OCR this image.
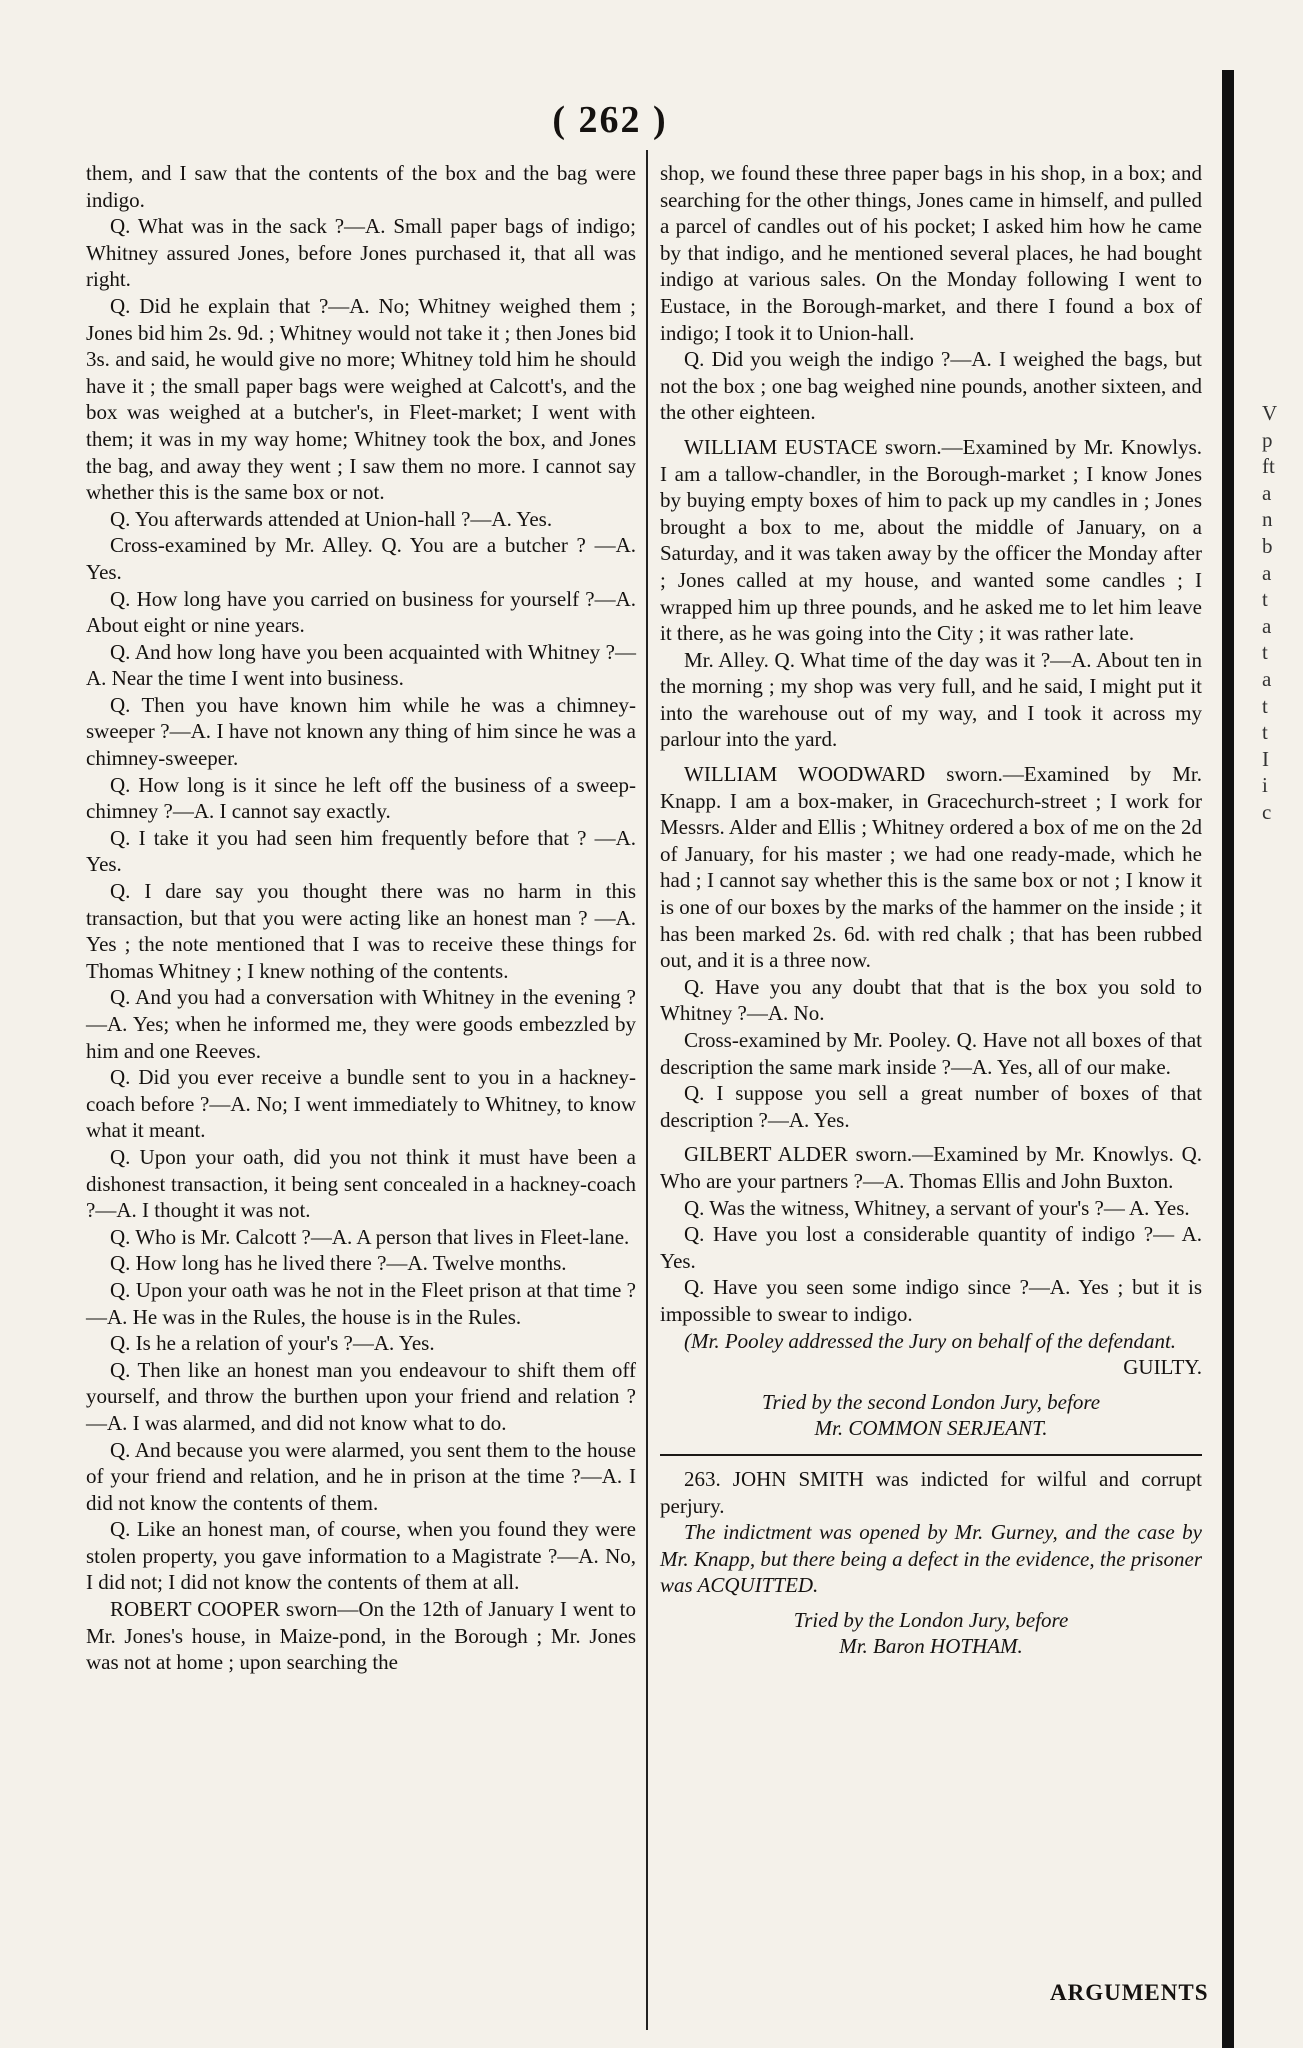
( 262 )

them, and I saw that the contents of the box and the bag were indigo.

Q. What was in the sack ?—A. Small paper bags of indigo; Whitney assured Jones, before Jones purchased it, that all was right.

Q. Did he explain that ?—A. No; Whitney weighed them ; Jones bid him 2s. 9d. ; Whitney would not take it ; then Jones bid 3s. and said, he would give no more; Whitney told him he should have it ; the small paper bags were weighed at Calcott's, and the box was weighed at a butcher's, in Fleet-market; I went with them; it was in my way home; Whitney took the box, and Jones the bag, and away they went ; I saw them no more. I cannot say whether this is the same box or not.

Q. You afterwards attended at Union-hall ?—A. Yes.

Cross-examined by Mr. Alley. Q. You are a butcher ? —A. Yes.

Q. How long have you carried on business for yourself ?—A. About eight or nine years.

Q. And how long have you been acquainted with Whitney ?—A. Near the time I went into business.

Q. Then you have known him while he was a chimney-sweeper ?—A. I have not known any thing of him since he was a chimney-sweeper.

Q. How long is it since he left off the business of a sweep-chimney ?—A. I cannot say exactly.

Q. I take it you had seen him frequently before that ? —A. Yes.

Q. I dare say you thought there was no harm in this transaction, but that you were acting like an honest man ? —A. Yes ; the note mentioned that I was to receive these things for Thomas Whitney ; I knew nothing of the contents.

Q. And you had a conversation with Whitney in the evening ?—A. Yes; when he informed me, they were goods embezzled by him and one Reeves.

Q. Did you ever receive a bundle sent to you in a hackney-coach before ?—A. No; I went immediately to Whitney, to know what it meant.

Q. Upon your oath, did you not think it must have been a dishonest transaction, it being sent concealed in a hackney-coach ?—A. I thought it was not.

Q. Who is Mr. Calcott ?—A. A person that lives in Fleet-lane.

Q. How long has he lived there ?—A. Twelve months.

Q. Upon your oath was he not in the Fleet prison at that time ?—A. He was in the Rules, the house is in the Rules.

Q. Is he a relation of your's ?—A. Yes.

Q. Then like an honest man you endeavour to shift them off yourself, and throw the burthen upon your friend and relation ?—A. I was alarmed, and did not know what to do.

Q. And because you were alarmed, you sent them to the house of your friend and relation, and he in prison at the time ?—A. I did not know the contents of them.

Q. Like an honest man, of course, when you found they were stolen property, you gave information to a Magistrate ?—A. No, I did not; I did not know the contents of them at all.

ROBERT COOPER sworn—On the 12th of January I went to Mr. Jones's house, in Maize-pond, in the Borough ; Mr. Jones was not at home ; upon searching the

shop, we found these three paper bags in his shop, in a box; and searching for the other things, Jones came in himself, and pulled a parcel of candles out of his pocket; I asked him how he came by that indigo, and he mentioned several places, he had bought indigo at various sales. On the Monday following I went to Eustace, in the Borough-market, and there I found a box of indigo; I took it to Union-hall.

Q. Did you weigh the indigo ?—A. I weighed the bags, but not the box ; one bag weighed nine pounds, another sixteen, and the other eighteen.

WILLIAM EUSTACE sworn.—Examined by Mr. Knowlys. I am a tallow-chandler, in the Borough-market ; I know Jones by buying empty boxes of him to pack up my candles in ; Jones brought a box to me, about the middle of January, on a Saturday, and it was taken away by the officer the Monday after ; Jones called at my house, and wanted some candles ; I wrapped him up three pounds, and he asked me to let him leave it there, as he was going into the City ; it was rather late.

Mr. Alley. Q. What time of the day was it ?—A. About ten in the morning ; my shop was very full, and he said, I might put it into the warehouse out of my way, and I took it across my parlour into the yard.

WILLIAM WOODWARD sworn.—Examined by Mr. Knapp. I am a box-maker, in Gracechurch-street ; I work for Messrs. Alder and Ellis ; Whitney ordered a box of me on the 2d of January, for his master ; we had one ready-made, which he had ; I cannot say whether this is the same box or not ; I know it is one of our boxes by the marks of the hammer on the inside ; it has been marked 2s. 6d. with red chalk ; that has been rubbed out, and it is a three now.

Q. Have you any doubt that that is the box you sold to Whitney ?—A. No.

Cross-examined by Mr. Pooley. Q. Have not all boxes of that description the same mark inside ?—A. Yes, all of our make.

Q. I suppose you sell a great number of boxes of that description ?—A. Yes.

GILBERT ALDER sworn.—Examined by Mr. Knowlys. Q. Who are your partners ?—A. Thomas Ellis and John Buxton.

Q. Was the witness, Whitney, a servant of your's ?— A. Yes.

Q. Have you lost a considerable quantity of indigo ?— A. Yes.

Q. Have you seen some indigo since ?—A. Yes ; but it is impossible to swear to indigo.

(Mr. Pooley addressed the Jury on behalf of the defendant.

GUILTY.

Tried by the second London Jury, before

Mr. COMMON SERJEANT.

263. JOHN SMITH was indicted for wilful and corrupt perjury.

The indictment was opened by Mr. Gurney, and the case by Mr. Knapp, but there being a defect in the evidence, the prisoner was ACQUITTED.

Tried by the London Jury, before

Mr. Baron HOTHAM.

V
p
ft
a
n
b
a
t
a
t
a
t
t
I
i
c
ARGUMENTS
